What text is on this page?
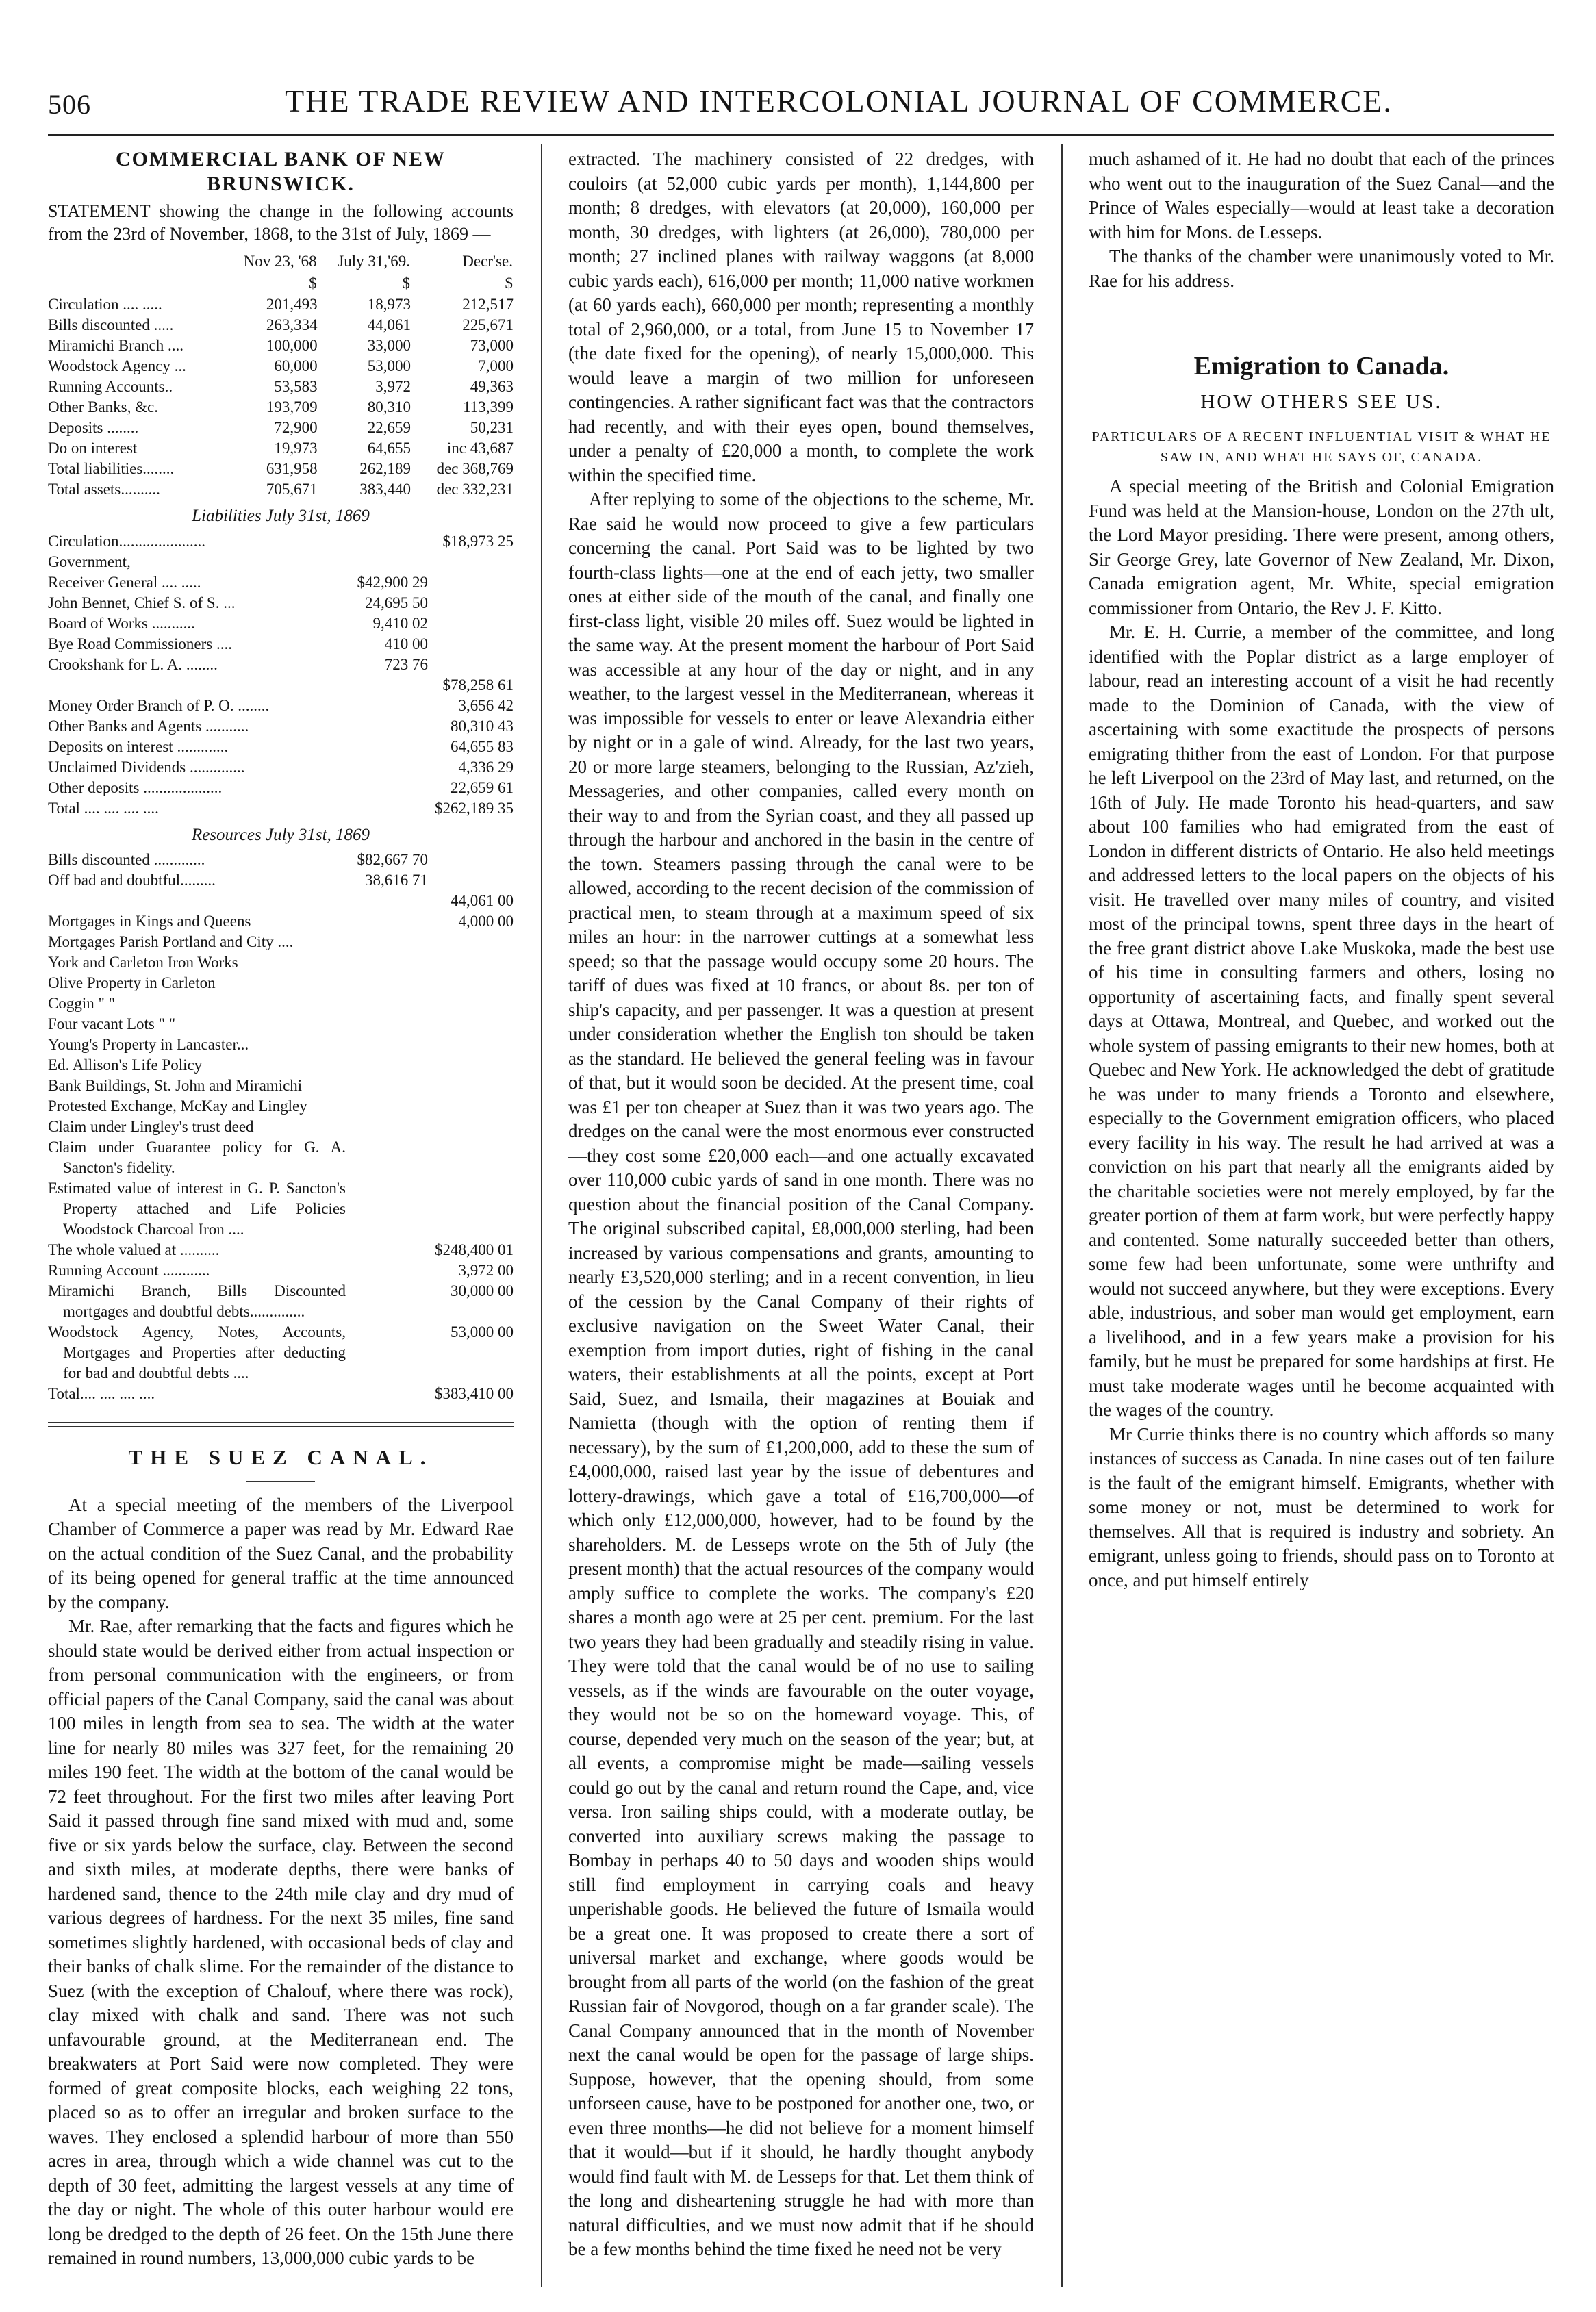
506	THE TRADE REVIEW AND INTERCOLONIAL JOURNAL OF COMMERCE.
COMMERCIAL BANK OF NEW BRUNSWICK.
STATEMENT showing the change in the following accounts from the 23rd of November, 1868, to the 31st of July, 1869 —
	Nov 23, '68	July 31,'69.	Decr'se.
	$	$	$
Circulation .... .....	201,493	18,973	212,517
Bills discounted .....	263,334	44,061	225,671
Miramichi Branch ....	100,000	33,000	73,000
Woodstock Agency ...	60,000	53,000	7,000
Running Accounts..	53,583	3,972	49,363
Other Banks, &c.	193,709	80,310	113,399
Deposits ........	72,900	22,659	50,231
Do on interest	19,973	64,655	inc 43,687
Total liabilities........	631,958	262,189	dec 368,769
Total assets..........	705,671	383,440	dec 332,231
Liabilities July 31st, 1869
Circulation......................		$18,973 25
Government,		
Receiver General .... .....	$42,900 29	
John Bennet, Chief S. of S. ...	24,695 50	
Board of Works ...........	9,410 02	
Bye Road Commissioners ....	410 00	
Crookshank for L. A. ........	723 76	
		$78,258 61
Money Order Branch of P. O. ........		3,656 42
Other Banks and Agents ...........		80,310 43
Deposits on interest .............		64,655 83
Unclaimed Dividends ..............		4,336 29
Other deposits ....................		22,659 61
Total .... .... .... ....		$262,189 35
Resources July 31st, 1869
Bills discounted .............	$82,667 70	
Off bad and doubtful.........	38,616 71	
		44,061 00
Mortgages in Kings and Queens		4,000 00
Mortgages Parish Portland and City ....		
York and Carleton Iron Works		
Olive Property in Carleton		
Coggin " "		
Four vacant Lots " "		
Young's Property in Lancaster...		
Ed. Allison's Life Policy		
Bank Buildings, St. John and Miramichi		
Protested Exchange, McKay and Lingley		
Claim under Lingley's trust deed		
Claim under Guarantee policy for G. A. Sancton's fidelity.		
Estimated value of interest in G. P. Sancton's Property attached and Life Policies Woodstock Charcoal Iron ....		
The whole valued at ..........		$248,400 01
Running Account ............		3,972 00
Miramichi Branch, Bills Discounted mortgages and doubtful debts..............		30,000 00
Woodstock Agency, Notes, Accounts, Mortgages and Properties after deducting for bad and doubtful debts ....		53,000 00
Total.... .... .... ....		$383,410 00
THE SUEZ CANAL.

At a special meeting of the members of the Liverpool Chamber of Commerce a paper was read by Mr. Edward Rae on the actual condition of the Suez Canal, and the probability of its being opened for general traffic at the time announced by the company.

Mr. Rae, after remarking that the facts and figures which he should state would be derived either from actual inspection or from personal communication with the engineers, or from official papers of the Canal Company, said the canal was about 100 miles in length from sea to sea. The width at the water line for nearly 80 miles was 327 feet, for the remaining 20 miles 190 feet. The width at the bottom of the canal would be 72 feet throughout. For the first two miles after leaving Port Said it passed through fine sand mixed with mud and, some five or six yards below the surface, clay. Between the second and sixth miles, at moderate depths, there were banks of hardened sand, thence to the 24th mile clay and dry mud of various degrees of hardness. For the next 35 miles, fine sand sometimes slightly hardened, with occasional beds of clay and their banks of chalk slime. For the remainder of the distance to Suez (with the exception of Chalouf, where there was rock), clay mixed with chalk and sand. There was not such unfavourable ground, at the Mediterranean end. The breakwaters at Port Said were now completed. They were formed of great composite blocks, each weighing 22 tons, placed so as to offer an irregular and broken surface to the waves. They enclosed a splendid harbour of more than 550 acres in area, through which a wide channel was cut to the depth of 30 feet, admitting the largest vessels at any time of the day or night. The whole of this outer harbour would ere long be dredged to the depth of 26 feet. On the 15th June there remained in round numbers, 13,000,000 cubic yards to be

extracted. The machinery consisted of 22 dredges, with couloirs (at 52,000 cubic yards per month), 1,144,800 per month; 8 dredges, with elevators (at 20,000), 160,000 per month, 30 dredges, with lighters (at 26,000), 780,000 per month; 27 inclined planes with railway waggons (at 8,000 cubic yards each), 616,000 per month; 11,000 native workmen (at 60 yards each), 660,000 per month; representing a monthly total of 2,960,000, or a total, from June 15 to November 17 (the date fixed for the opening), of nearly 15,000,000. This would leave a margin of two million for unforeseen contingencies. A rather significant fact was that the contractors had recently, and with their eyes open, bound themselves, under a penalty of £20,000 a month, to complete the work within the specified time.

After replying to some of the objections to the scheme, Mr. Rae said he would now proceed to give a few particulars concerning the canal. Port Said was to be lighted by two fourth-class lights—one at the end of each jetty, two smaller ones at either side of the mouth of the canal, and finally one first-class light, visible 20 miles off. Suez would be lighted in the same way. At the present moment the harbour of Port Said was accessible at any hour of the day or night, and in any weather, to the largest vessel in the Mediterranean, whereas it was impossible for vessels to enter or leave Alexandria either by night or in a gale of wind. Already, for the last two years, 20 or more large steamers, belonging to the Russian, Az'zieh, Messageries, and other companies, called every month on their way to and from the Syrian coast, and they all passed up through the harbour and anchored in the basin in the centre of the town. Steamers passing through the canal were to be allowed, according to the recent decision of the commission of practical men, to steam through at a maximum speed of six miles an hour: in the narrower cuttings at a somewhat less speed; so that the passage would occupy some 20 hours. The tariff of dues was fixed at 10 francs, or about 8s. per ton of ship's capacity, and per passenger. It was a question at present under consideration whether the English ton should be taken as the standard. He believed the general feeling was in favour of that, but it would soon be decided. At the present time, coal was £1 per ton cheaper at Suez than it was two years ago. The dredges on the canal were the most enormous ever constructed—they cost some £20,000 each—and one actually excavated over 110,000 cubic yards of sand in one month. There was no question about the financial position of the Canal Company. The original subscribed capital, £8,000,000 sterling, had been increased by various compensations and grants, amounting to nearly £3,520,000 sterling; and in a recent convention, in lieu of the cession by the Canal Company of their rights of exclusive navigation on the Sweet Water Canal, their exemption from import duties, right of fishing in the canal waters, their establishments at all the points, except at Port Said, Suez, and Ismaila, their magazines at Bouiak and Namietta (though with the option of renting them if necessary), by the sum of £1,200,000, add to these the sum of £4,000,000, raised last year by the issue of debentures and lottery-drawings, which gave a total of £16,700,000—of which only £12,000,000, however, had to be found by the shareholders. M. de Lesseps wrote on the 5th of July (the present month) that the actual resources of the company would amply suffice to complete the works. The company's £20 shares a month ago were at 25 per cent. premium. For the last two years they had been gradually and steadily rising in value. They were told that the canal would be of no use to sailing vessels, as if the winds are favourable on the outer voyage, they would not be so on the homeward voyage. This, of course, depended very much on the season of the year; but, at all events, a compromise might be made—sailing vessels could go out by the canal and return round the Cape, and, vice versa. Iron sailing ships could, with a moderate outlay, be converted into auxiliary screws making the passage to Bombay in perhaps 40 to 50 days and wooden ships would still find employment in carrying coals and heavy unperishable goods. He believed the future of Ismaila would be a great one. It was proposed to create there a sort of universal market and exchange, where goods would be brought from all parts of the world (on the fashion of the great Russian fair of Novgorod, though on a far grander scale). The Canal Company announced that in the month of November next the canal would be open for the passage of large ships. Suppose, however, that the opening should, from some unforseen cause, have to be postponed for another one, two, or even three months—he did not believe for a moment himself that it would—but if it should, he hardly thought anybody would find fault with M. de Lesseps for that. Let them think of the long and disheartening struggle he had with more than natural difficulties, and we must now admit that if he should be a few months behind the time fixed he need not be very

much ashamed of it. He had no doubt that each of the princes who went out to the inauguration of the Suez Canal—and the Prince of Wales especially—would at least take a decoration with him for Mons. de Lesseps.

The thanks of the chamber were unanimously voted to Mr. Rae for his address.

Emigration to Canada.
HOW OTHERS SEE US.
PARTICULARS OF A RECENT INFLUENTIAL VISIT & WHAT HE SAW IN, AND WHAT HE SAYS OF, CANADA.

A special meeting of the British and Colonial Emigration Fund was held at the Mansion-house, London on the 27th ult, the Lord Mayor presiding. There were present, among others, Sir George Grey, late Governor of New Zealand, Mr. Dixon, Canada emigration agent, Mr. White, special emigration commissioner from Ontario, the Rev J. F. Kitto.

Mr. E. H. Currie, a member of the committee, and long identified with the Poplar district as a large employer of labour, read an interesting account of a visit he had recently made to the Dominion of Canada, with the view of ascertaining with some exactitude the prospects of persons emigrating thither from the east of London. For that purpose he left Liverpool on the 23rd of May last, and returned, on the 16th of July. He made Toronto his head-quarters, and saw about 100 families who had emigrated from the east of London in different districts of Ontario. He also held meetings and addressed letters to the local papers on the objects of his visit. He travelled over many miles of country, and visited most of the principal towns, spent three days in the heart of the free grant district above Lake Muskoka, made the best use of his time in consulting farmers and others, losing no opportunity of ascertaining facts, and finally spent several days at Ottawa, Montreal, and Quebec, and worked out the whole system of passing emigrants to their new homes, both at Quebec and New York. He acknowledged the debt of gratitude he was under to many friends a Toronto and elsewhere, especially to the Government emigration officers, who placed every facility in his way. The result he had arrived at was a conviction on his part that nearly all the emigrants aided by the charitable societies were not merely employed, by far the greater portion of them at farm work, but were perfectly happy and contented. Some naturally succeeded better than others, some few had been unfortunate, some were unthrifty and would not succeed anywhere, but they were exceptions. Every able, industrious, and sober man would get employment, earn a livelihood, and in a few years make a provision for his family, but he must be prepared for some hardships at first. He must take moderate wages until he become acquainted with the wages of the country.

Mr Currie thinks there is no country which affords so many instances of success as Canada. In nine cases out of ten failure is the fault of the emigrant himself. Emigrants, whether with some money or not, must be determined to work for themselves. All that is required is industry and sobriety. An emigrant, unless going to friends, should pass on to Toronto at once, and put himself entirely
